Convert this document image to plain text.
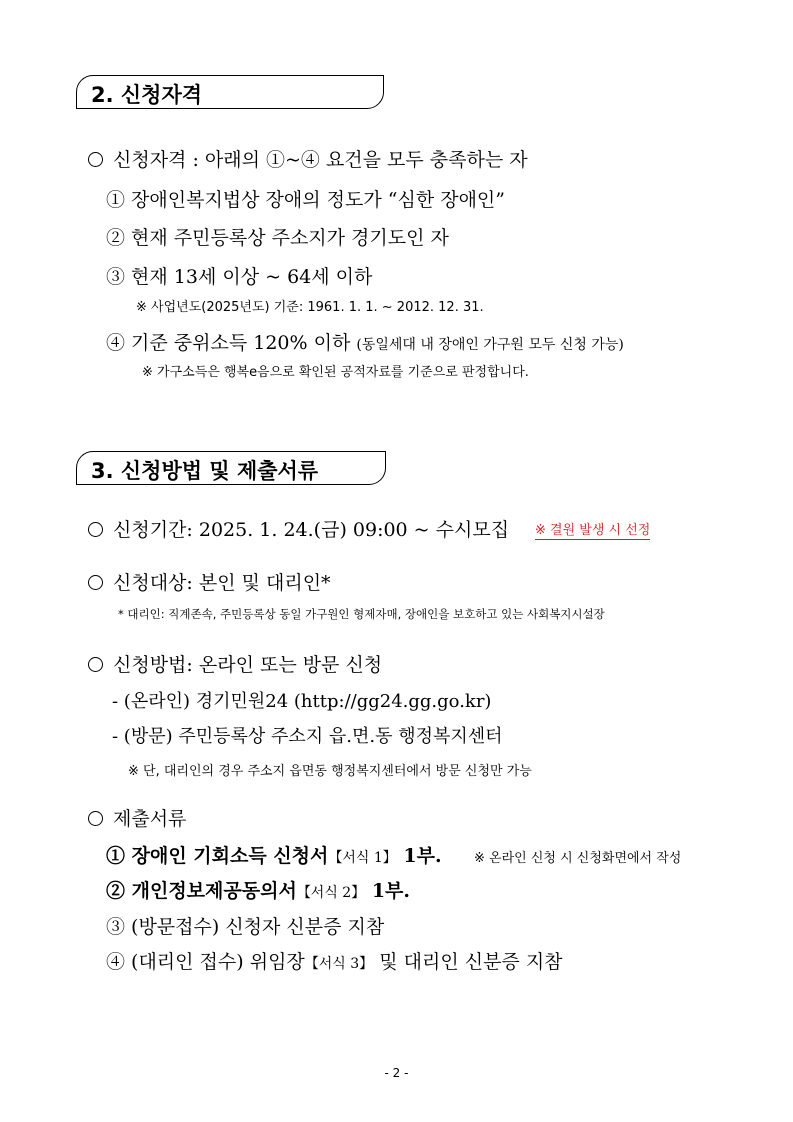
2. 신청자격
신청자격 : 아래의 ①~④ 요건을 모두 충족하는 자
① 장애인복지법상 장애의 정도가 “심한 장애인”
② 현재 주민등록상 주소지가 경기도인 자
③ 현재 13세 이상 ~ 64세 이하
※ 사업년도(2025년도) 기준: 1961. 1. 1. ~ 2012. 12. 31.
④ 기준 중위소득 120% 이하 (동일세대 내 장애인 가구원 모두 신청 가능)
※ 가구소득은 행복e음으로 확인된 공적자료를 기준으로 판정합니다.
3. 신청방법 및 제출서류
신청기간: 2025. 1. 24.(금) 09:00 ~ 수시모집 ※ 결원 발생 시 선정
신청대상: 본인 및 대리인*
* 대리인: 직계존속, 주민등록상 동일 가구원인 형제자매, 장애인을 보호하고 있는 사회복지시설장
신청방법: 온라인 또는 방문 신청
- (온라인) 경기민원24 (http://gg24.gg.go.kr)
- (방문) 주민등록상 주소지 읍.면.동 행정복지센터
※ 단, 대리인의 경우 주소지 읍면동 행정복지센터에서 방문 신청만 가능
제출서류
① 장애인 기회소득 신청서【서식 1】 1부. ※ 온라인 신청 시 신청화면에서 작성
② 개인정보제공동의서【서식 2】 1부.
③ (방문접수) 신청자 신분증 지참
④ (대리인 접수) 위임장【서식 3】 및 대리인 신분증 지참
- 2 -
